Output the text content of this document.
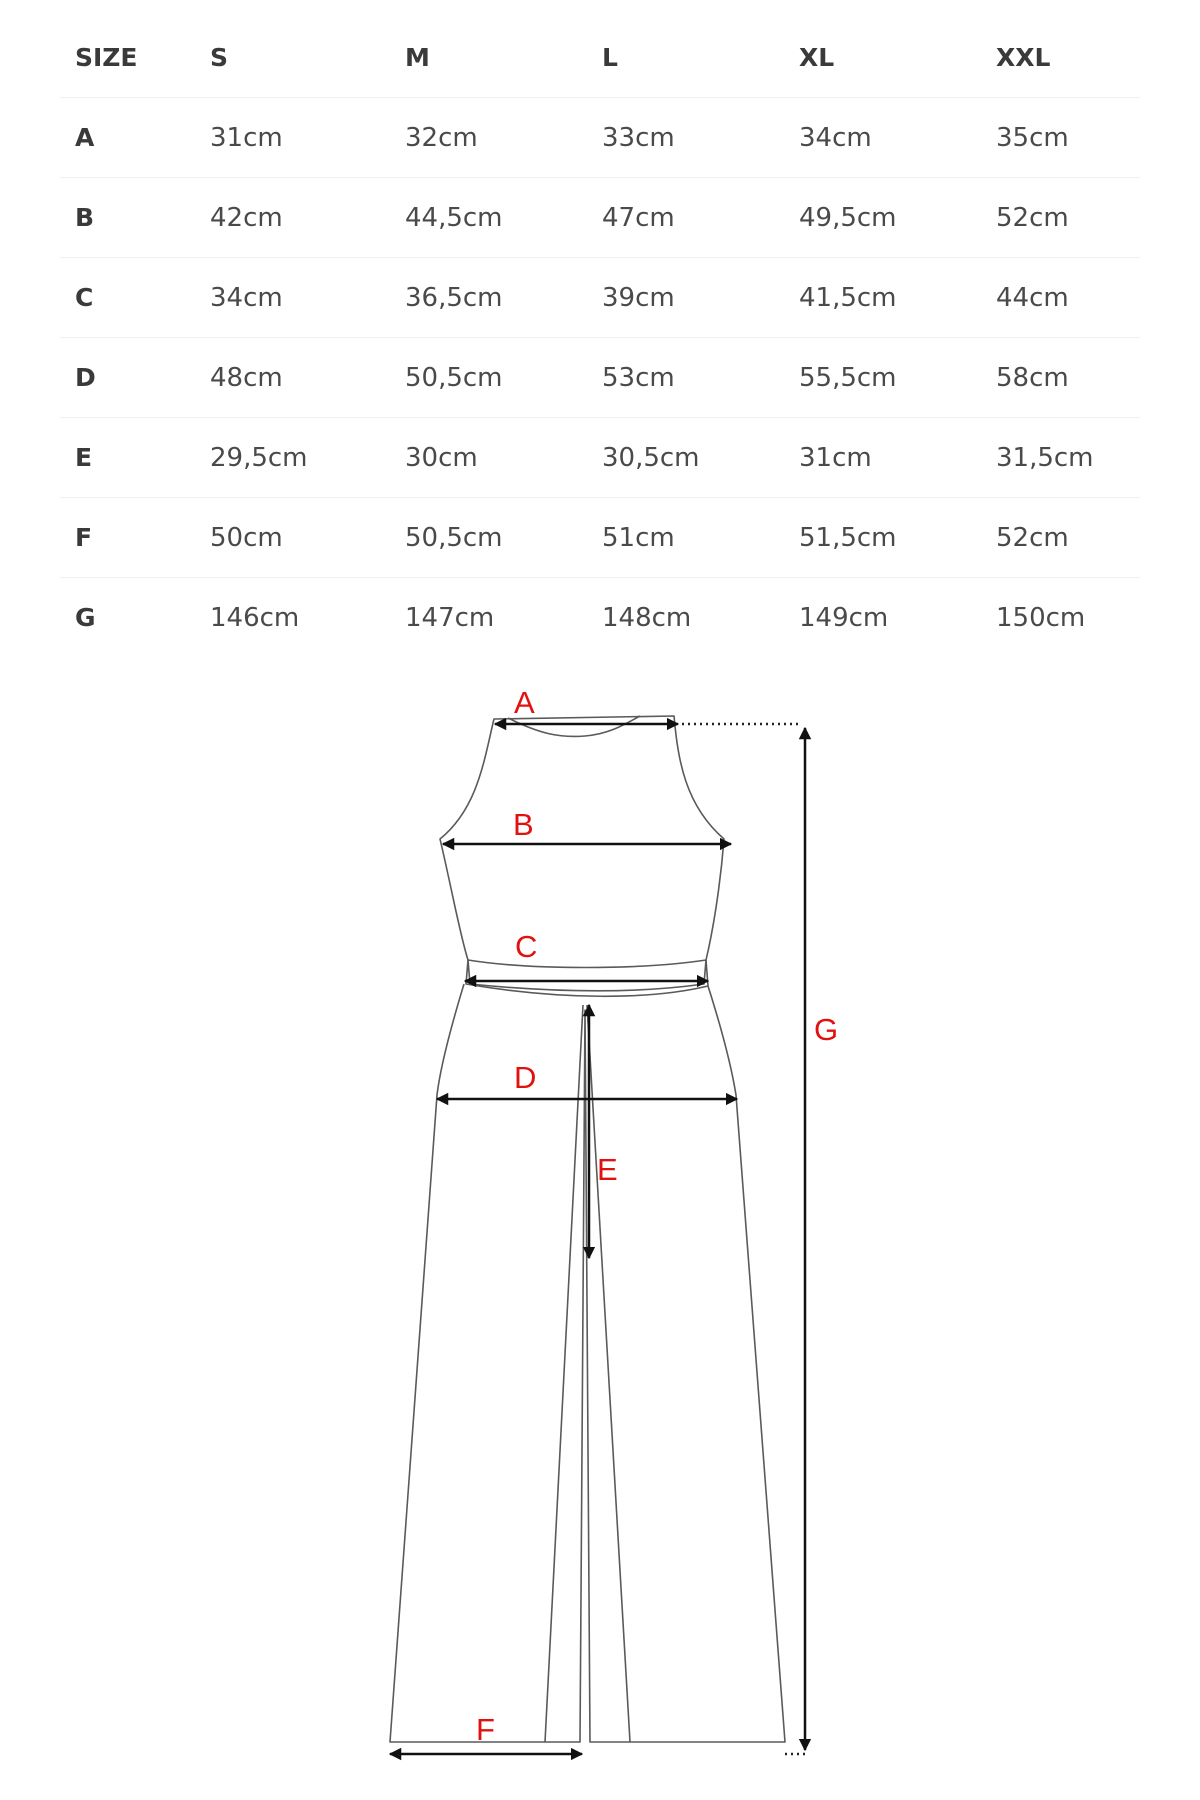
SIZE	S	M	L	XL	XXL
A	31cm	32cm	33cm	34cm	35cm
B	42cm	44,5cm	47cm	49,5cm	52cm
C	34cm	36,5cm	39cm	41,5cm	44cm
D	48cm	50,5cm	53cm	55,5cm	58cm
E	29,5cm	30cm	30,5cm	31cm	31,5cm
F	50cm	50,5cm	51cm	51,5cm	52cm
G	146cm	147cm	148cm	149cm	150cm
A
B
C
D
E
F
G
